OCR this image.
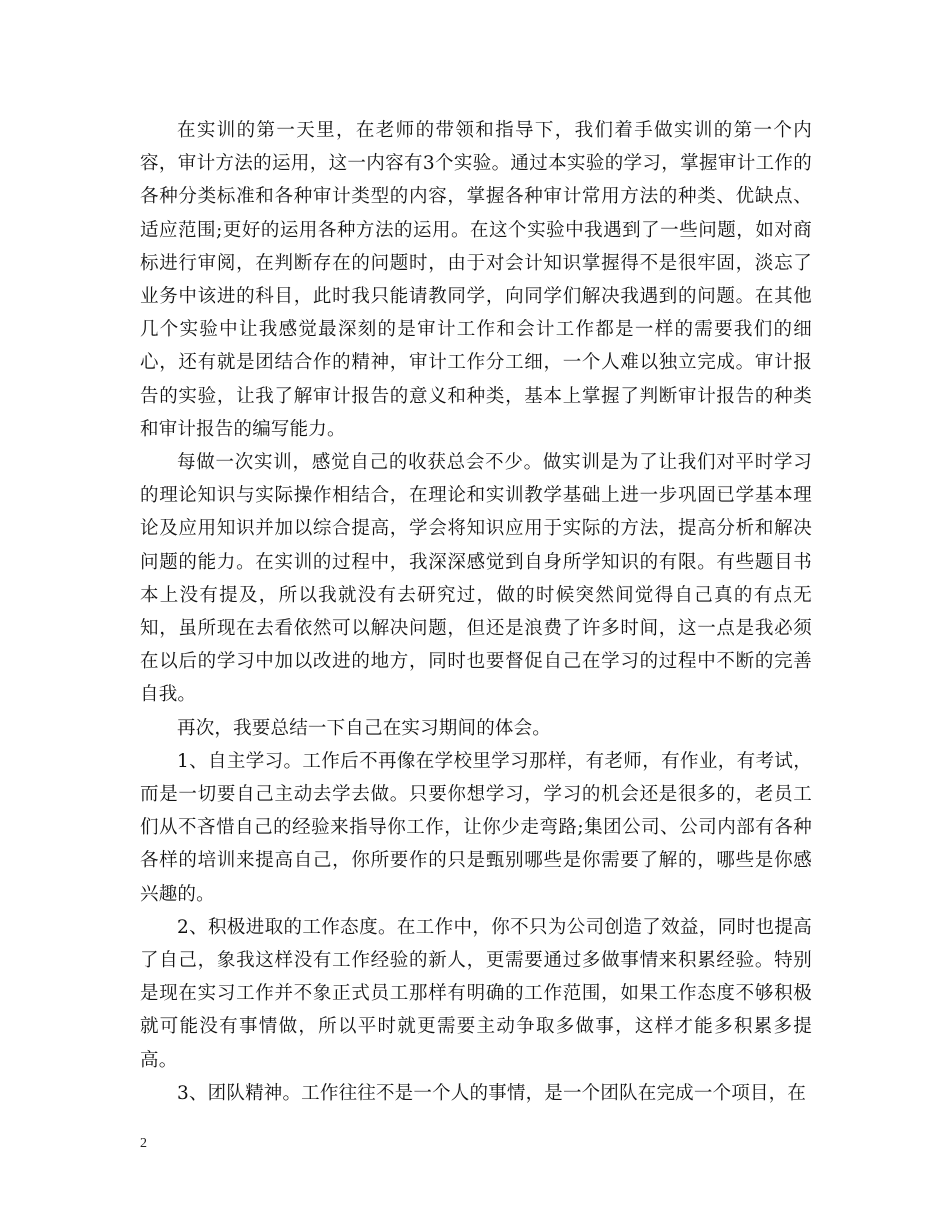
在实训的第一天里，在老师的带领和指导下，我们着手做实训的第一个内容，审计方法的运用，这一内容有3个实验。通过本实验的学习，掌握审计工作的各种分类标准和各种审计类型的内容，掌握各种审计常用方法的种类、优缺点、适应范围;更好的运用各种方法的运用。在这个实验中我遇到了一些问题，如对商标进行审阅，在判断存在的问题时，由于对会计知识掌握得不是很牢固，淡忘了业务中该进的科目，此时我只能请教同学，向同学们解决我遇到的问题。在其他几个实验中让我感觉最深刻的是审计工作和会计工作都是一样的需要我们的细心，还有就是团结合作的精神，审计工作分工细，一个人难以独立完成。审计报告的实验，让我了解审计报告的意义和种类，基本上掌握了判断审计报告的种类和审计报告的编写能力。

每做一次实训，感觉自己的收获总会不少。做实训是为了让我们对平时学习的理论知识与实际操作相结合，在理论和实训教学基础上进一步巩固已学基本理论及应用知识并加以综合提高，学会将知识应用于实际的方法，提高分析和解决问题的能力。在实训的过程中，我深深感觉到自身所学知识的有限。有些题目书本上没有提及，所以我就没有去研究过，做的时候突然间觉得自己真的有点无知，虽所现在去看依然可以解决问题，但还是浪费了许多时间，这一点是我必须在以后的学习中加以改进的地方，同时也要督促自己在学习的过程中不断的完善自我。

再次，我要总结一下自己在实习期间的体会。

1、自主学习。工作后不再像在学校里学习那样，有老师，有作业，有考试，而是一切要自己主动去学去做。只要你想学习，学习的机会还是很多的，老员工们从不吝惜自己的经验来指导你工作，让你少走弯路;集团公司、公司内部有各种各样的培训来提高自己，你所要作的只是甄别哪些是你需要了解的，哪些是你感兴趣的。

2、积极进取的工作态度。在工作中，你不只为公司创造了效益，同时也提高了自己，象我这样没有工作经验的新人，更需要通过多做事情来积累经验。特别是现在实习工作并不象正式员工那样有明确的工作范围，如果工作态度不够积极就可能没有事情做，所以平时就更需要主动争取多做事，这样才能多积累多提高。

3、团队精神。工作往往不是一个人的事情，是一个团队在完成一个项目，在

2
